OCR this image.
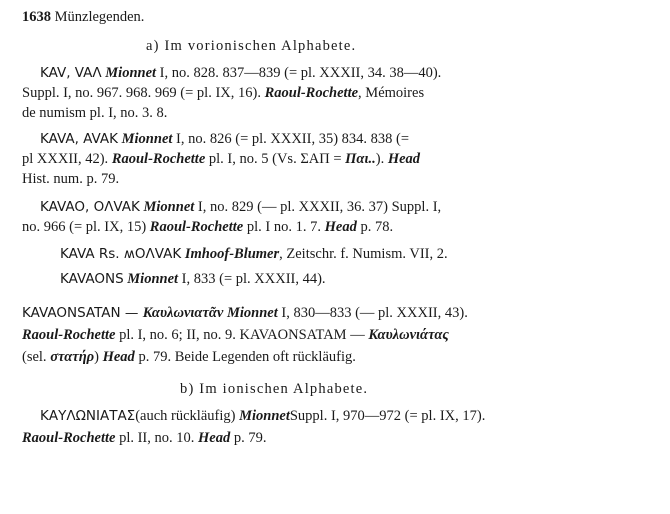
1638 Münzlegenden.
a) Im vorionischen Alphabete.
KAV, VAɅ Mionnet I, no. 828. 837—839 (= pl. XXXII, 34. 38—40).
Suppl. I, no. 967. 968. 969 (= pl. IX, 16). Raoul-Rochette, Mémoires
de numism pl. I, no. 3. 8.
KAVA, AVAK Mionnet I, no. 826 (= pl. XXXII, 35) 834. 838 (=
pl XXXII, 42). Raoul-Rochette pl. I, no. 5 (Vs. ΣΑΠ = Παι..). Head
Hist. num. p. 79.
KAVAO, OΛVAK Mionnet I, no. 829 (— pl. XXXII, 36. 37) Suppl. I,
no. 966 (= pl. IX, 15) Raoul-Rochette pl. I no. 1. 7. Head p. 78.
KAVA Rs. ʍOΛVAK Imhoof-Blumer, Zeitschr. f. Numism. VII, 2.
KAVAONS Mionnet I, 833 (= pl. XXXII, 44).
KAVAONSATAN — Καυλωνιατᾶν Mionnet I, 830—833 (— pl. XXXII, 43).
Raoul-Rochette pl. I, no. 6; II, no. 9. KAVAONSATAM — Καυλωνιάτας
(sel. στατήρ) Head p. 79. Beide Legenden oft rückläufig.
b) Im ionischen Alphabete.
ΚΑΥΛΩΝΙΑΤΑΣ(auch rückläufig) MionnetSuppl. I, 970—972 (= pl. IX, 17).
Raoul-Rochette pl. II, no. 10. Head p. 79.
